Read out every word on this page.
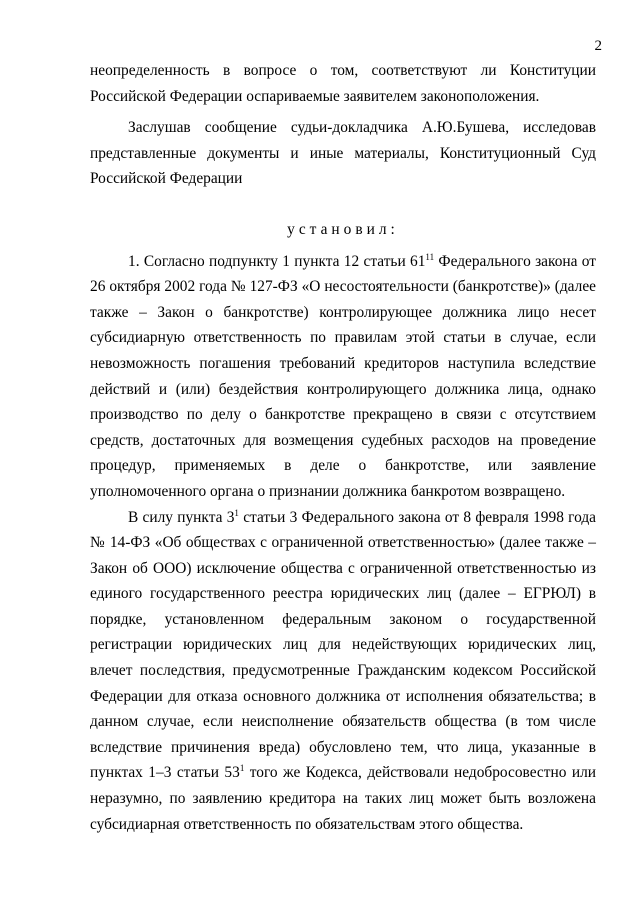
2

неопределенность в вопросе о том, соответствуют ли Конституции Российской Федерации оспариваемые заявителем законоположения.

Заслушав сообщение судьи-докладчика А.Ю.Бушева, исследовав представленные документы и иные материалы, Конституционный Суд Российской Федерации

установил:

1. Согласно подпункту 1 пункта 12 статьи $61^{11}$ Федерального закона от 26 октября 2002 года № 127-ФЗ «О несостоятельности (банкротстве)» (далее также – Закон о банкротстве) контролирующее должника лицо несет субсидиарную ответственность по правилам этой статьи в случае, если невозможность погашения требований кредиторов наступила вследствие действий и (или) бездействия контролирующего должника лица, однако производство по делу о банкротстве прекращено в связи с отсутствием средств, достаточных для возмещения судебных расходов на проведение процедур, применяемых в деле о банкротстве, или заявление уполномоченного органа о признании должника банкротом возвращено.

В силу пункта $3^1$ статьи 3 Федерального закона от 8 февраля 1998 года № 14-ФЗ «Об обществах с ограниченной ответственностью» (далее также – Закон об ООО) исключение общества с ограниченной ответственностью из единого государственного реестра юридических лиц (далее – ЕГРЮЛ) в порядке, установленном федеральным законом о государственной регистрации юридических лиц для недействующих юридических лиц, влечет последствия, предусмотренные Гражданским кодексом Российской Федерации для отказа основного должника от исполнения обязательства; в данном случае, если неисполнение обязательств общества (в том числе вследствие причинения вреда) обусловлено тем, что лица, указанные в пунктах 1–3 статьи $53^1$ того же Кодекса, действовали недобросовестно или неразумно, по заявлению кредитора на таких лиц может быть возложена субсидиарная ответственность по обязательствам этого общества.
